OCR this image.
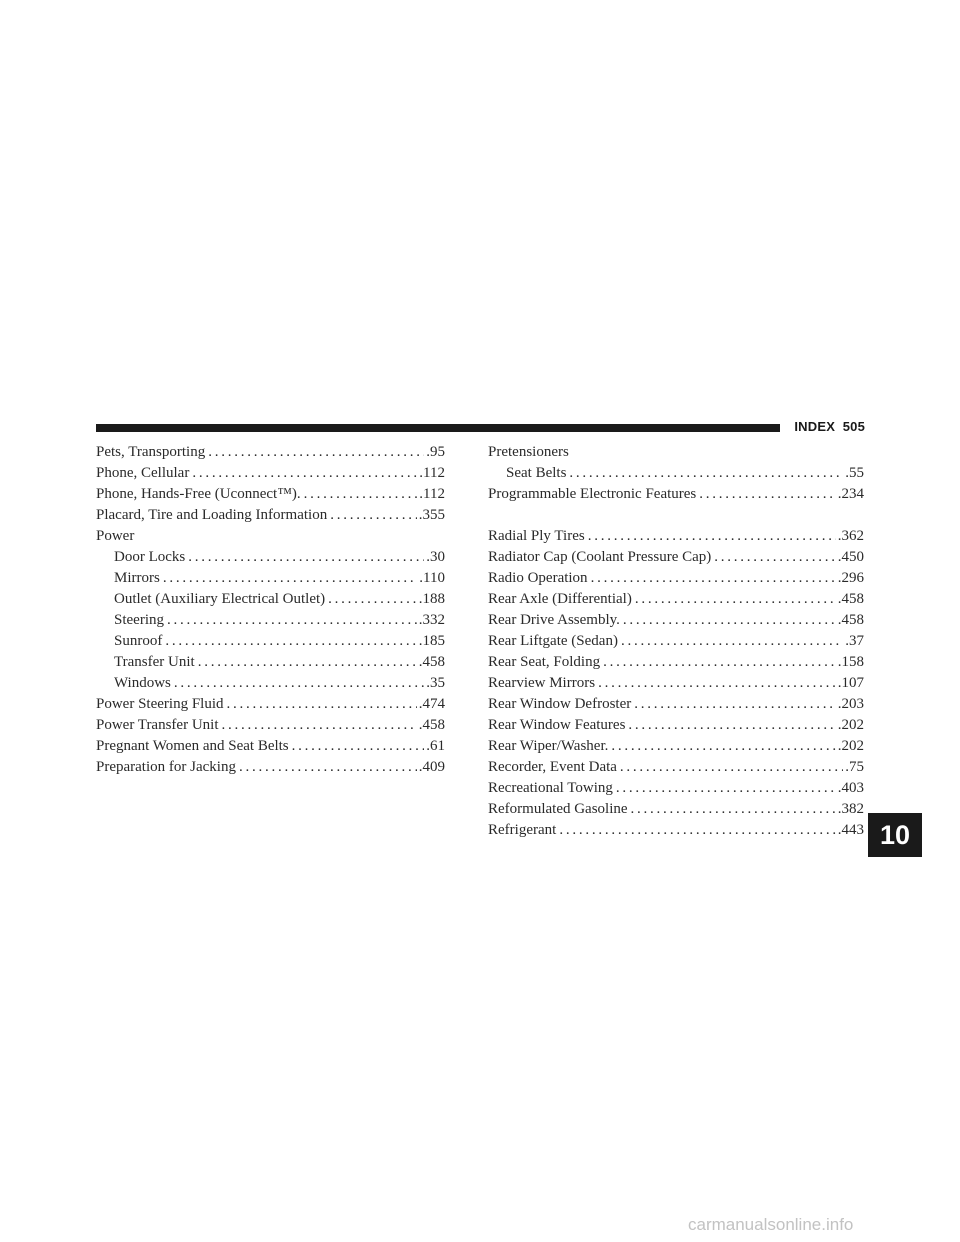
INDEX 505
Pets, Transporting . . .	.95
Phone, Cellular . . .	.112
Phone, Hands-Free (Uconnect™). . . .	.112
Placard, Tire and Loading Information . . .	.355
Power
Door Locks . . .	.30
Mirrors . . .	.110
Outlet (Auxiliary Electrical Outlet) . . .	.188
Steering . . .	.332
Sunroof . . .	.185
Transfer Unit . . .	.458
Windows . . .	.35
Power Steering Fluid . . .	.474
Power Transfer Unit . . .	.458
Pregnant Women and Seat Belts . . .	.61
Preparation for Jacking . . .	.409
Pretensioners
Seat Belts . . .	.55
Programmable Electronic Features . . .	.234
Radial Ply Tires . . .	.362
Radiator Cap (Coolant Pressure Cap) . . .	.450
Radio Operation . . .	.296
Rear Axle (Differential) . . .	.458
Rear Drive Assembly. . . .	.458
Rear Liftgate (Sedan) . . .	.37
Rear Seat, Folding . . .	.158
Rearview Mirrors . . .	.107
Rear Window Defroster . . .	.203
Rear Window Features . . .	.202
Rear Wiper/Washer. . . .	.202
Recorder, Event Data . . .	.75
Recreational Towing . . .	.403
Reformulated Gasoline . . .	.382
Refrigerant . . .	.443 10
carmanualsonline.info
